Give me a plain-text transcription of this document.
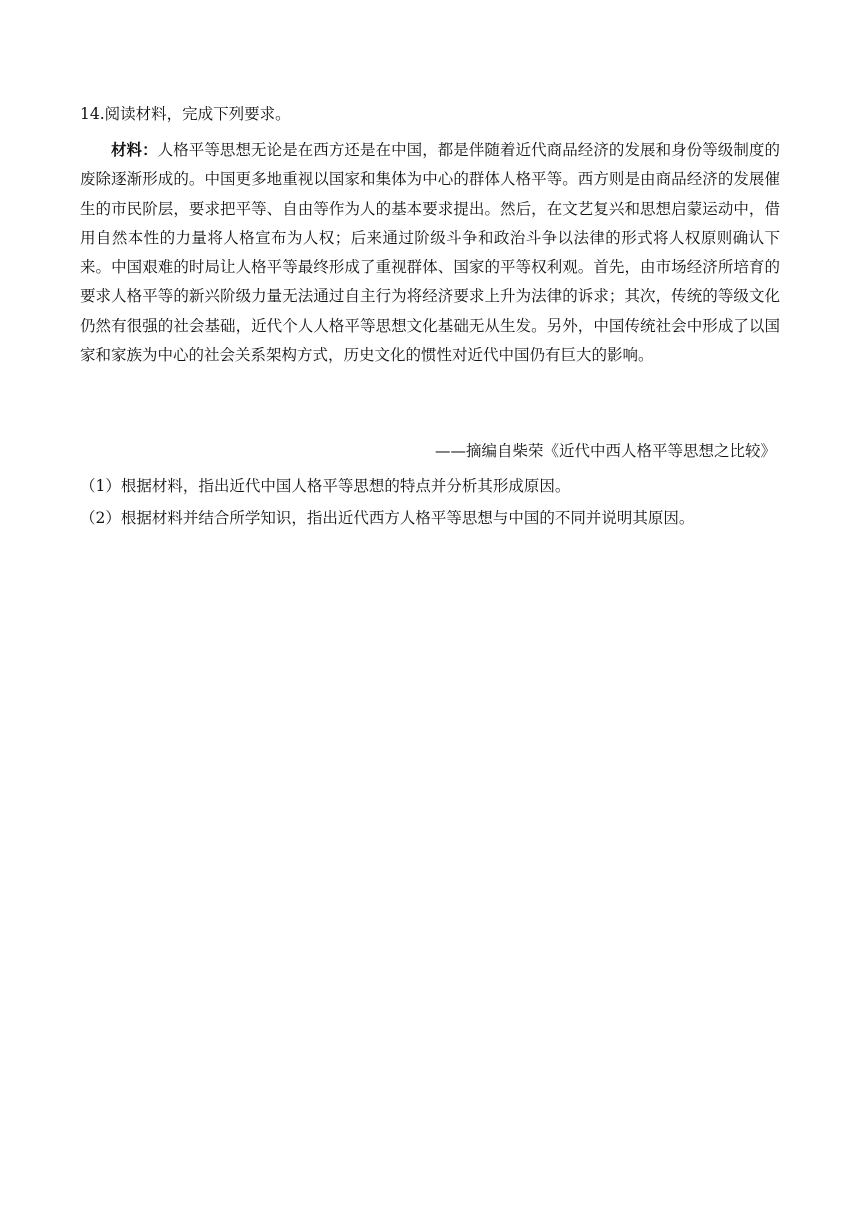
14.阅读材料，完成下列要求。

材料：人格平等思想无论是在西方还是在中国，都是伴随着近代商品经济的发展和身份等级制度的废除逐渐形成的。中国更多地重视以国家和集体为中心的群体人格平等。西方则是由商品经济的发展催生的市民阶层，要求把平等、自由等作为人的基本要求提出。然后，在文艺复兴和思想启蒙运动中，借用自然本性的力量将人格宣布为人权；后来通过阶级斗争和政治斗争以法律的形式将人权原则确认下来。中国艰难的时局让人格平等最终形成了重视群体、国家的平等权利观。首先，由市场经济所培育的要求人格平等的新兴阶级力量无法通过自主行为将经济要求上升为法律的诉求；其次，传统的等级文化仍然有很强的社会基础，近代个人人格平等思想文化基础无从生发。另外，中国传统社会中形成了以国家和家族为中心的社会关系架构方式，历史文化的惯性对近代中国仍有巨大的影响。

——摘编自柴荣《近代中西人格平等思想之比较》
（1）根据材料，指出近代中国人格平等思想的特点并分析其形成原因。
（2）根据材料并结合所学知识，指出近代西方人格平等思想与中国的不同并说明其原因。
